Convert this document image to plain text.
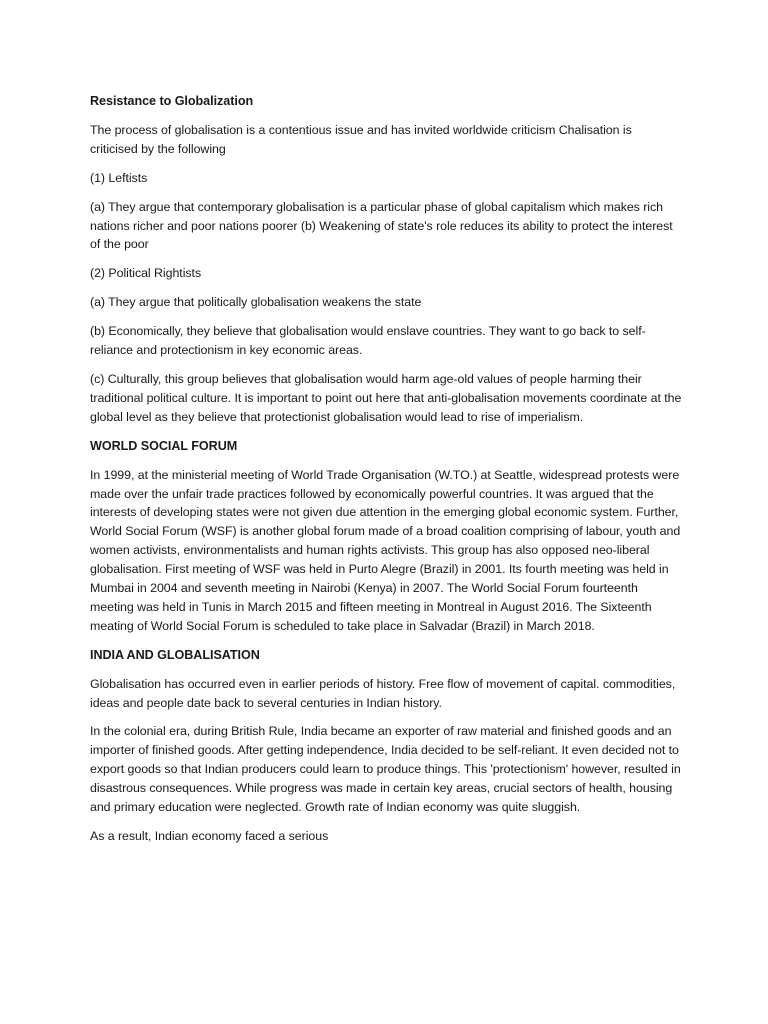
Resistance to Globalization

The process of globalisation is a contentious issue and has invited worldwide criticism Chalisation is criticised by the following

(1) Leftists

(a) They argue that contemporary globalisation is a particular phase of global capitalism which makes rich nations richer and poor nations poorer (b) Weakening of state's role reduces its ability to protect the interest of the poor

(2) Political Rightists

(a) They argue that politically globalisation weakens the state

(b) Economically, they believe that globalisation would enslave countries. They want to go back to self-reliance and protectionism in key economic areas.

(c) Culturally, this group believes that globalisation would harm age-old values of people harming their traditional political culture. It is important to point out here that anti-globalisation movements coordinate at the global level as they believe that protectionist globalisation would lead to rise of imperialism.

WORLD SOCIAL FORUM

In 1999, at the ministerial meeting of World Trade Organisation (W.TO.) at Seattle, widespread protests were made over the unfair trade practices followed by economically powerful countries. It was argued that the interests of developing states were not given due attention in the emerging global economic system. Further, World Social Forum (WSF) is another global forum made of a broad coalition comprising of labour, youth and women activists, environmentalists and human rights activists. This group has also opposed neo-liberal globalisation. First meeting of WSF was held in Purto Alegre (Brazil) in 2001. Its fourth meeting was held in Mumbai in 2004 and seventh meeting in Nairobi (Kenya) in 2007. The World Social Forum fourteenth meeting was held in Tunis in March 2015 and fifteen meeting in Montreal in August 2016. The Sixteenth meating of World Social Forum is scheduled to take place in Salvadar (Brazil) in March 2018.

INDIA AND GLOBALISATION

Globalisation has occurred even in earlier periods of history. Free flow of movement of capital. commodities, ideas and people date back to several centuries in Indian history.

In the colonial era, during British Rule, India became an exporter of raw material and finished goods and an importer of finished goods. After getting independence, India decided to be self-reliant. It even decided not to export goods so that Indian producers could learn to produce things. This 'protectionism' however, resulted in disastrous consequences. While progress was made in certain key areas, crucial sectors of health, housing and primary education were neglected. Growth rate of Indian economy was quite sluggish.

As a result, Indian economy faced a serious
